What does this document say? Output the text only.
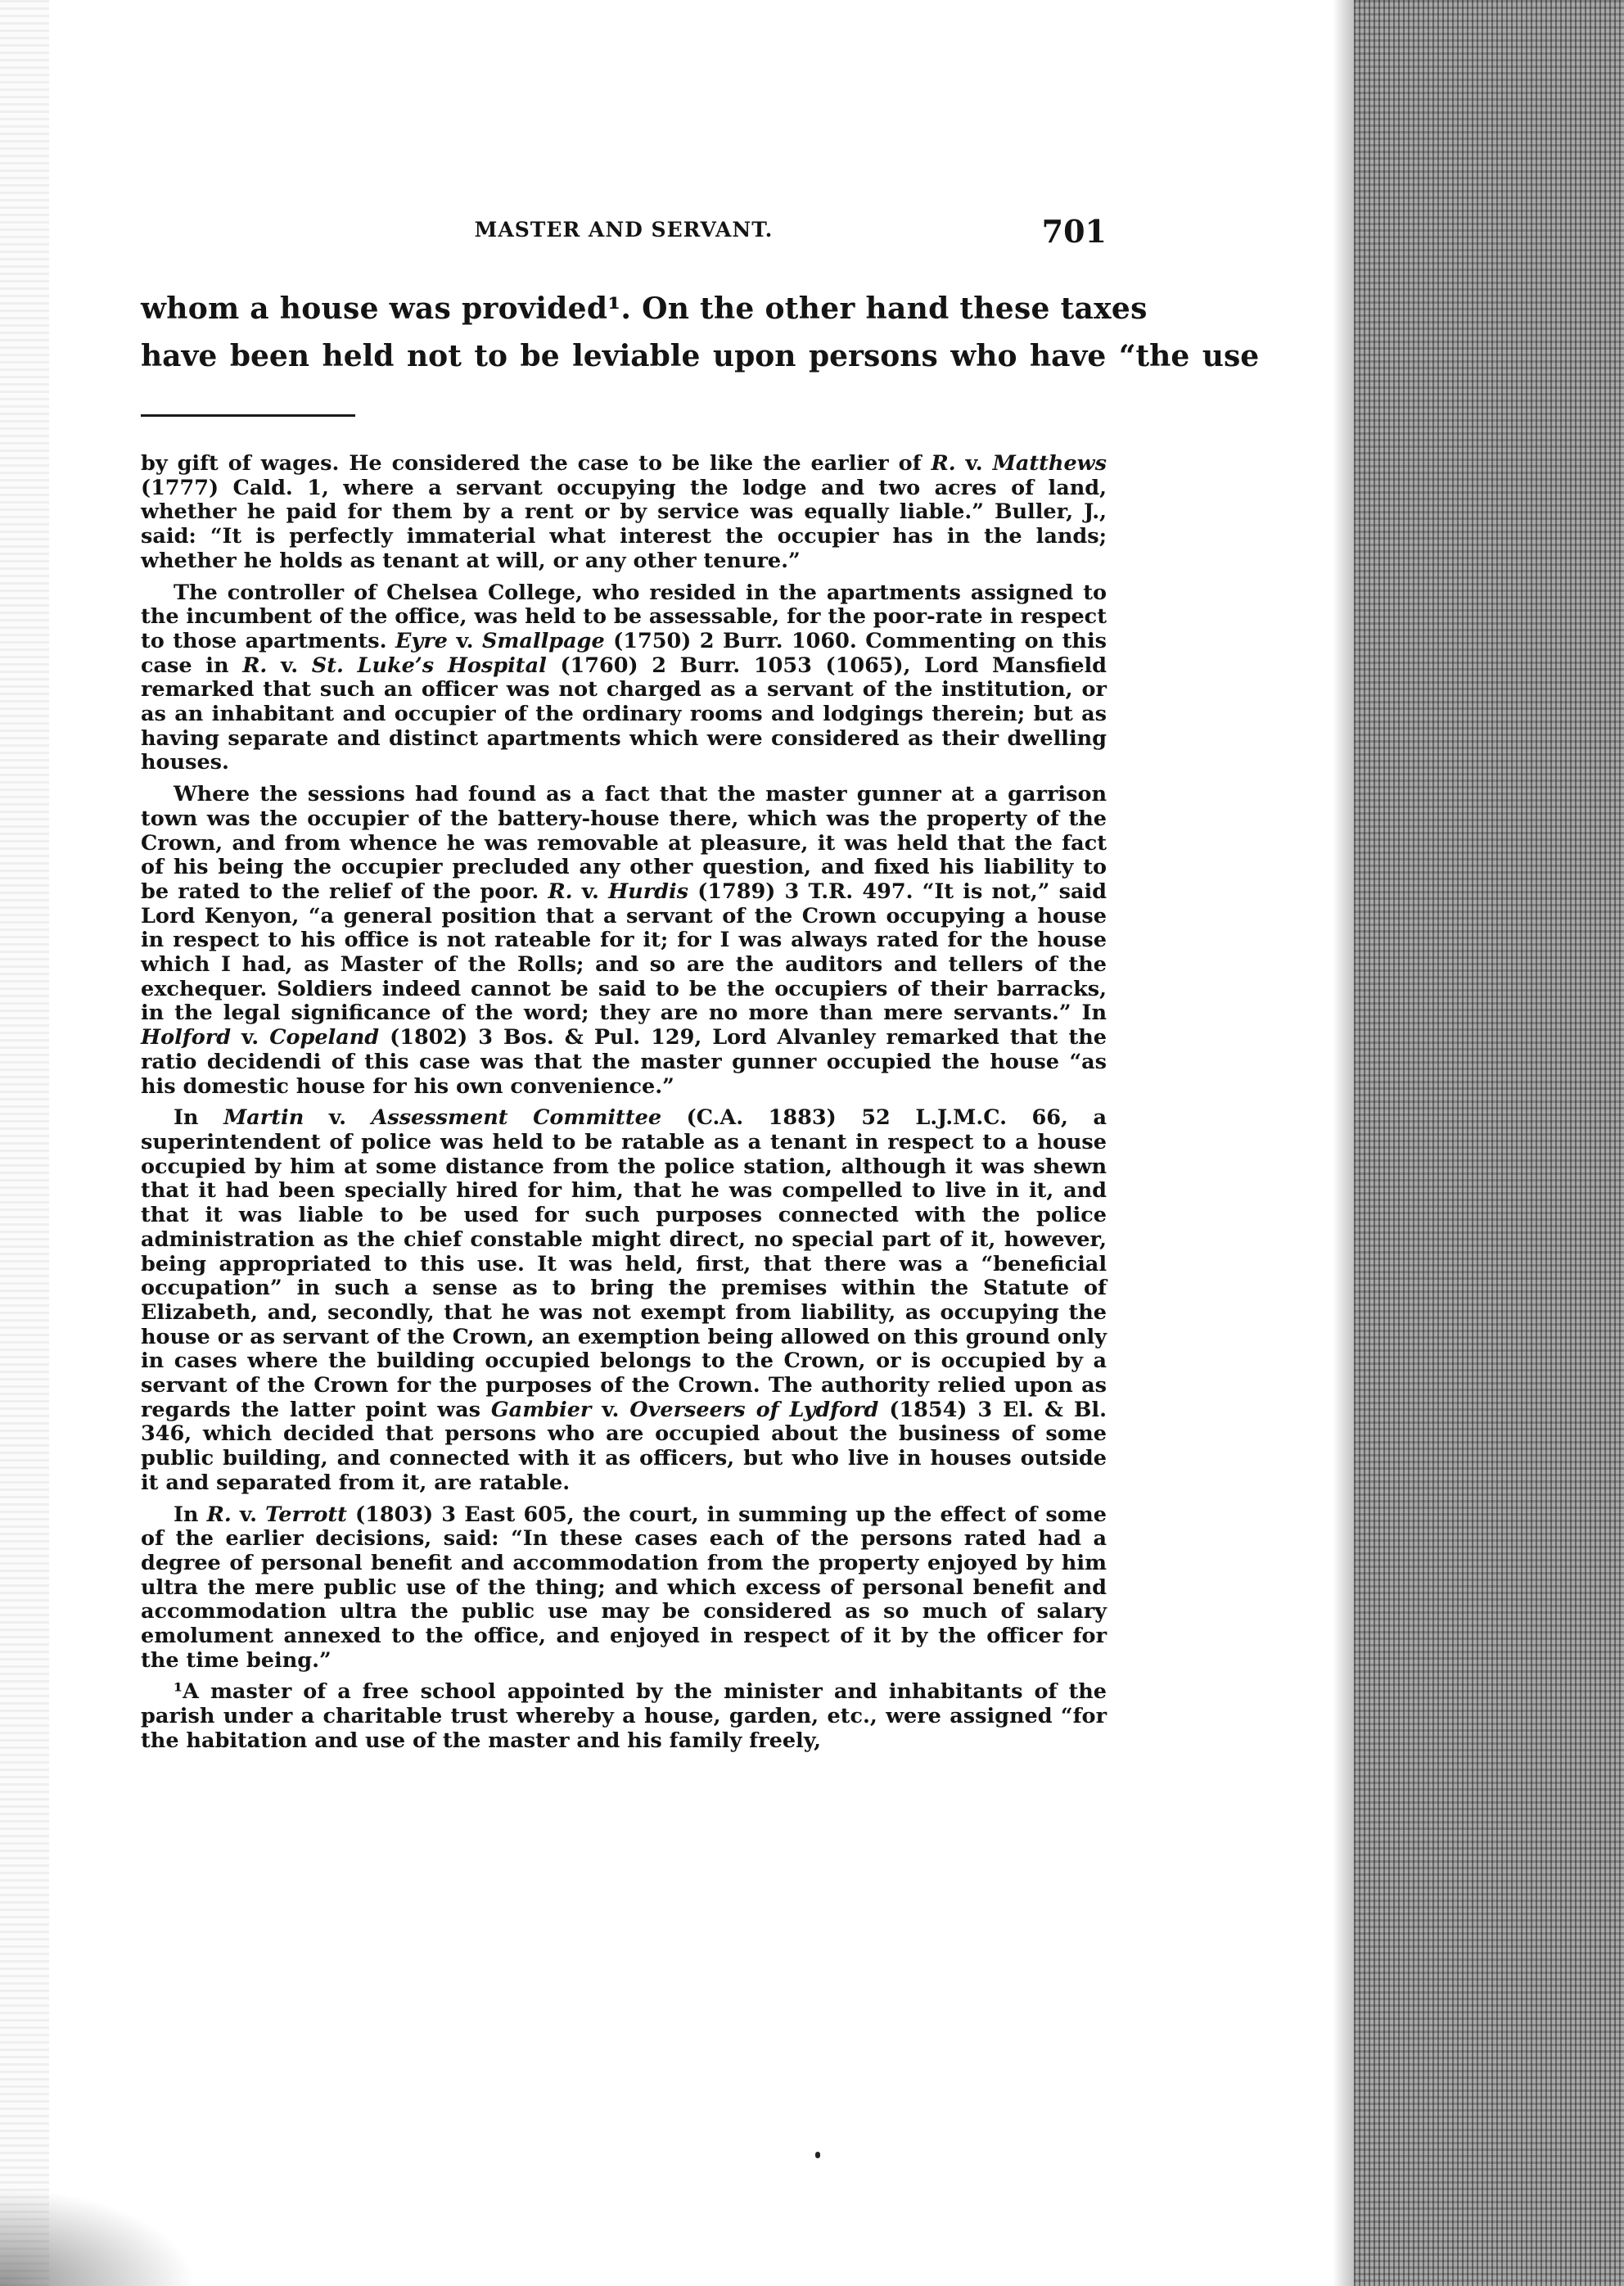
MASTER AND SERVANT.	701
whom a house was provided¹. On the other hand these taxes
have been held not to be leviable upon persons who have “the use

by gift of wages. He considered the case to be like the earlier of R. v. Matthews (1777) Cald. 1, where a servant occupying the lodge and two acres of land, whether he paid for them by a rent or by service was equally liable.” Buller, J., said: “It is perfectly immaterial what interest the occupier has in the lands; whether he holds as tenant at will, or any other tenure.”

The controller of Chelsea College, who resided in the apartments assigned to the incumbent of the office, was held to be assessable, for the poor-rate in respect to those apartments. Eyre v. Smallpage (1750) 2 Burr. 1060. Commenting on this case in R. v. St. Luke’s Hospital (1760) 2 Burr. 1053 (1065), Lord Mansfield remarked that such an officer was not charged as a servant of the institution, or as an inhabitant and occupier of the ordinary rooms and lodgings therein; but as having separate and distinct apartments which were considered as their dwelling houses.

Where the sessions had found as a fact that the master gunner at a garrison town was the occupier of the battery-house there, which was the property of the Crown, and from whence he was removable at pleasure, it was held that the fact of his being the occupier precluded any other question, and fixed his liability to be rated to the relief of the poor. R. v. Hurdis (1789) 3 T.R. 497. “It is not,” said Lord Kenyon, “a general position that a servant of the Crown occupying a house in respect to his office is not rateable for it; for I was always rated for the house which I had, as Master of the Rolls; and so are the auditors and tellers of the exchequer. Soldiers indeed cannot be said to be the occupiers of their barracks, in the legal significance of the word; they are no more than mere servants.” In Holford v. Copeland (1802) 3 Bos. & Pul. 129, Lord Alvanley remarked that the ratio decidendi of this case was that the master gunner occupied the house “as his domestic house for his own convenience.”

In Martin v. Assessment Committee (C.A. 1883) 52 L.J.M.C. 66, a superintendent of police was held to be ratable as a tenant in respect to a house occupied by him at some distance from the police station, although it was shewn that it had been specially hired for him, that he was compelled to live in it, and that it was liable to be used for such purposes connected with the police administration as the chief constable might direct, no special part of it, however, being appropriated to this use. It was held, first, that there was a “beneficial occupation” in such a sense as to bring the premises within the Statute of Elizabeth, and, secondly, that he was not exempt from liability, as occupying the house or as servant of the Crown, an exemption being allowed on this ground only in cases where the building occupied belongs to the Crown, or is occupied by a servant of the Crown for the purposes of the Crown. The authority relied upon as regards the latter point was Gambier v. Overseers of Lydford (1854) 3 El. & Bl. 346, which decided that persons who are occupied about the business of some public building, and connected with it as officers, but who live in houses outside it and separated from it, are ratable.

In R. v. Terrott (1803) 3 East 605, the court, in summing up the effect of some of the earlier decisions, said: “In these cases each of the persons rated had a degree of personal benefit and accommodation from the property enjoyed by him ultra the mere public use of the thing; and which excess of personal benefit and accommodation ultra the public use may be considered as so much of salary emolument annexed to the office, and enjoyed in respect of it by the officer for the time being.”

¹A master of a free school appointed by the minister and inhabitants of the parish under a charitable trust whereby a house, garden, etc., were assigned “for the habitation and use of the master and his family freely,
